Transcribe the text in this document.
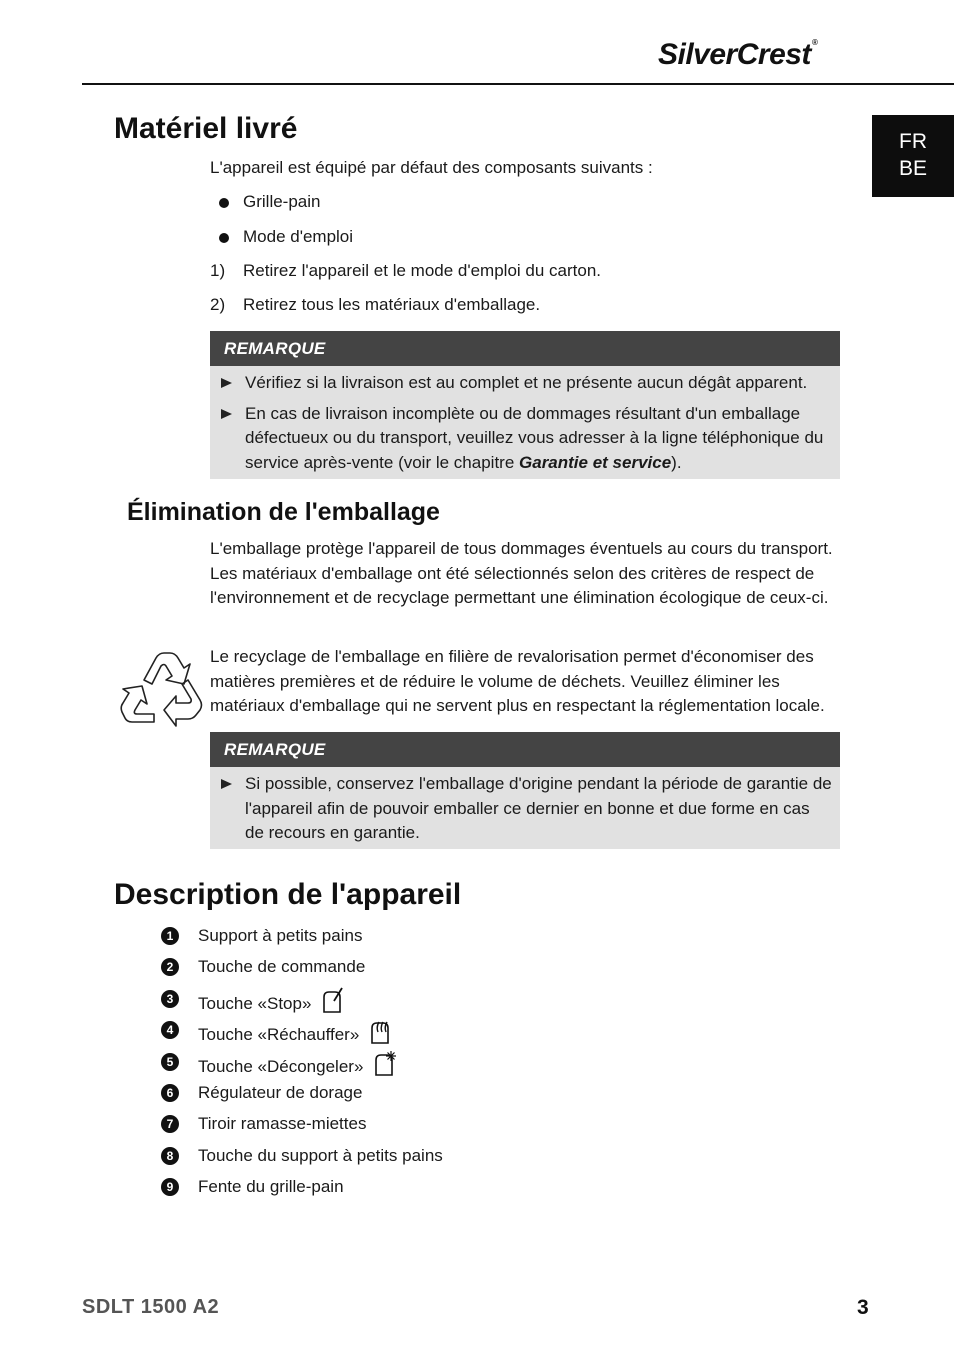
SilverCrest®
FR
BE
Matériel livré
L'appareil est équipé par défaut des composants suivants :
Grille-pain
Mode d'emploi
1) Retirez l'appareil et le mode d'emploi du carton.
2) Retirez tous les matériaux d'emballage.
REMARQUE
Vérifiez si la livraison est au complet et ne présente aucun dégât apparent.
En cas de livraison incomplète ou de dommages résultant d'un emballage défectueux ou du transport, veuillez vous adresser à la ligne téléphonique du service après-vente (voir le chapitre Garantie et service).
Élimination de l'emballage
L'emballage protège l'appareil de tous dommages éventuels au cours du transport. Les matériaux d'emballage ont été sélectionnés selon des critères de respect de l'environnement et de recyclage permettant une élimination écologique de ceux-ci.
Le recyclage de l'emballage en filière de revalorisation permet d'économiser des matières premières et de réduire le volume de déchets. Veuillez éliminer les matériaux d'emballage qui ne servent plus en respectant la réglementation locale.
REMARQUE
Si possible, conservez l'emballage d'origine pendant la période de garantie de l'appareil afin de pouvoir emballer ce dernier en bonne et due forme en cas de recours en garantie.
Description de l'appareil
1	Support à petits pains
2	Touche de commande
3	Touche «Stop»
4	Touche «Réchauffer»
5	Touche «Décongeler»
6	Régulateur de dorage
7	Tiroir ramasse-miettes
8	Touche du support à petits pains
9	Fente du grille-pain
SDLT 1500 A2	3
